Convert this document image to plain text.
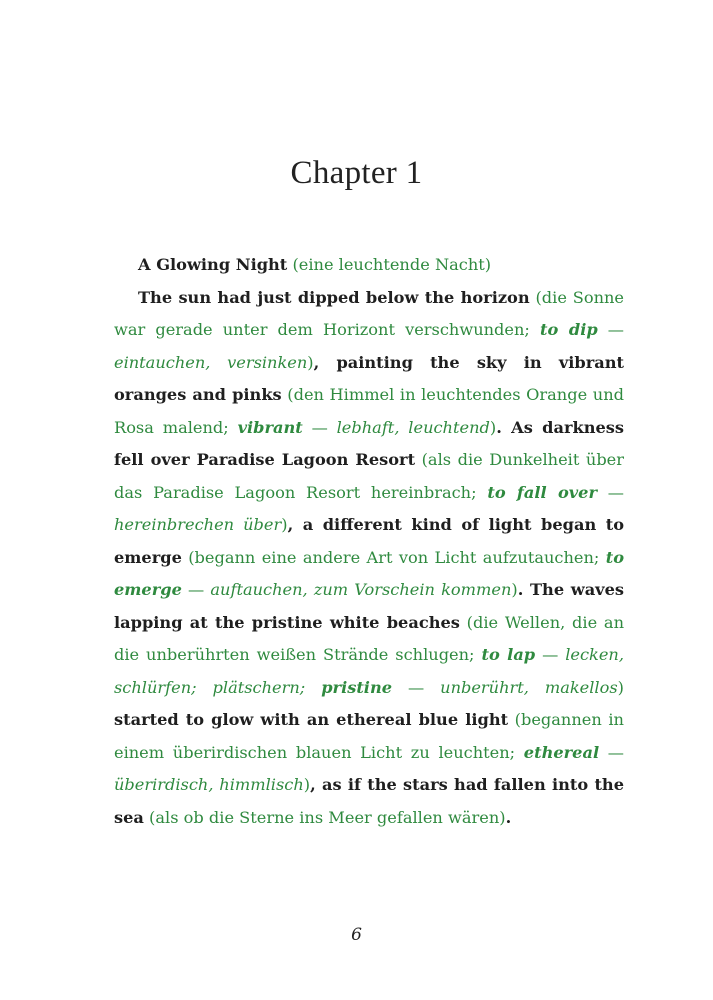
Chapter 1

A Glowing Night (eine leuchtende Nacht)

The sun had just dipped below the horizon (die Sonne war gerade unter dem Horizont verschwunden; to dip — eintauchen, versinken), painting the sky in vibrant oranges and pinks (den Himmel in leuchtendes Orange und Rosa malend; vibrant — lebhaft, leuchtend). As darkness fell over Paradise Lagoon Resort (als die Dunkelheit über das Paradise Lagoon Resort hereinbrach; to fall over — hereinbrechen über), a different kind of light began to emerge (begann eine andere Art von Licht aufzutauchen; to emerge — auftauchen, zum Vorschein kommen). The waves lapping at the pristine white beaches (die Wellen, die an die unberührten weißen Strände schlugen; to lap — lecken, schlürfen; plätschern; pristine — unberührt, makellos) started to glow with an ethereal blue light (begannen in einem überirdischen blauen Licht zu leuchten; ethereal — überirdisch, himmlisch), as if the stars had fallen into the sea (als ob die Sterne ins Meer gefallen wären).

6
